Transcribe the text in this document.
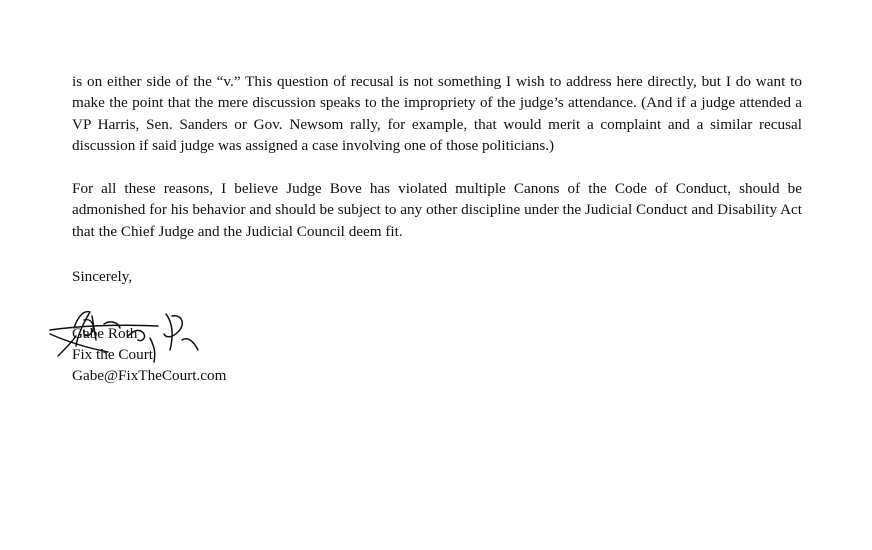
is on either side of the “v.” This question of recusal is not something I wish to address here directly, but I do want to make the point that the mere discussion speaks to the impropriety of the judge’s attendance. (And if a judge attended a VP Harris, Sen. Sanders or Gov. Newsom rally, for example, that would merit a complaint and a similar recusal discussion if said judge was assigned a case involving one of those politicians.)

For all these reasons, I believe Judge Bove has violated multiple Canons of the Code of Conduct, should be admonished for his behavior and should be subject to any other discipline under the Judicial Conduct and Disability Act that the Chief Judge and the Judicial Council deem fit.

Sincerely,
Gabe Roth
Fix the Court
Gabe@FixTheCourt.com
